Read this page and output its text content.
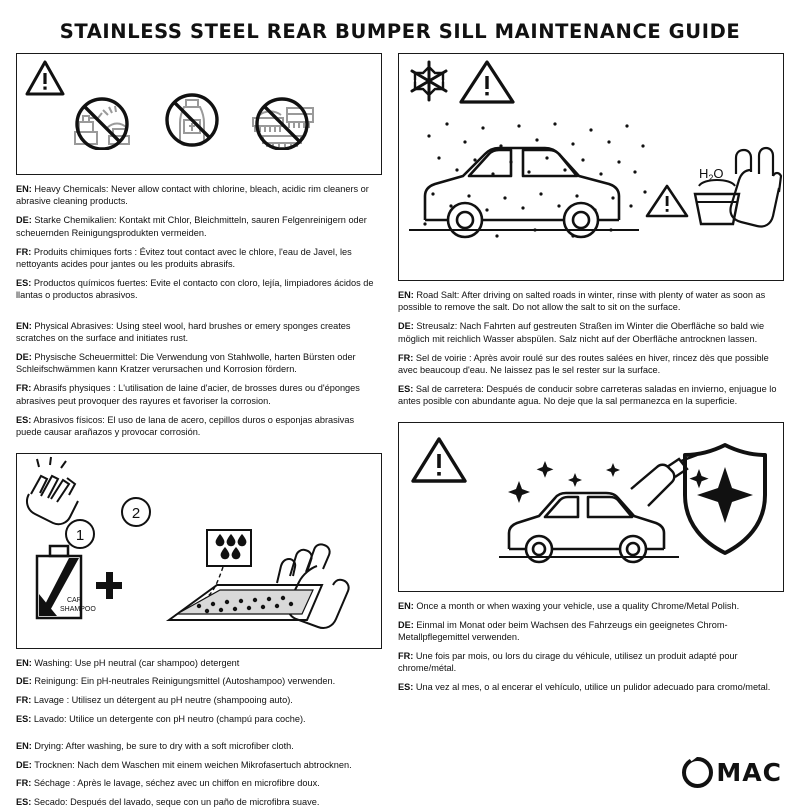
STAINLESS STEEL REAR BUMPER SILL MAINTENANCE GUIDE

EN: Heavy Chemicals: Never allow contact with chlorine, bleach, acidic rim cleaners or abrasive cleaning products.

DE: Starke Chemikalien: Kontakt mit Chlor, Bleichmitteln, sauren Felgenreinigern oder scheuernden Reinigungsprodukten vermeiden.

FR: Produits chimiques forts : Évitez tout contact avec le chlore, l'eau de Javel, les nettoyants acides pour jantes ou les produits abrasifs.

ES: Productos químicos fuertes: Evite el contacto con cloro, lejía, limpiadores ácidos de llantas o productos abrasivos.

EN: Physical Abrasives: Using steel wool, hard brushes or emery sponges creates scratches on the surface and initiates rust.

DE: Physische Scheuermittel: Die Verwendung von Stahlwolle, harten Bürsten oder Schleifschwämmen kann Kratzer verursachen und Korrosion fördern.

FR: Abrasifs physiques : L'utilisation de laine d'acier, de brosses dures ou d'éponges abrasives peut provoquer des rayures et favoriser la corrosion.

ES: Abrasivos físicos: El uso de lana de acero, cepillos duros o esponjas abrasivas puede causar arañazos y provocar corrosión.

1
CAR
SHAMPOO
2

EN: Washing: Use pH neutral (car shampoo) detergent

DE: Reinigung: Ein pH-neutrales Reinigungsmittel (Autoshampoo) verwenden.

FR: Lavage : Utilisez un détergent au pH neutre (shampooing auto).

ES: Lavado: Utilice un detergente con pH neutro (champú para coche).

EN: Drying: After washing, be sure to dry with a soft microfiber cloth.

DE: Trocknen: Nach dem Waschen mit einem weichen Mikrofasertuch abtrocknen.

FR: Séchage : Après le lavage, séchez avec un chiffon en microfibre doux.

ES: Secado: Después del lavado, seque con un paño de microfibra suave.

$H_2O$

EN: Road Salt: After driving on salted roads in winter, rinse with plenty of water as soon as possible to remove the salt. Do not allow the salt to sit on the surface.

DE: Streusalz: Nach Fahrten auf gestreuten Straßen im Winter die Oberfläche so bald wie möglich mit reichlich Wasser abspülen. Salz nicht auf der Oberfläche antrocknen lassen.

FR: Sel de voirie : Après avoir roulé sur des routes salées en hiver, rincez dès que possible avec beaucoup d'eau. Ne laissez pas le sel rester sur la surface.

ES: Sal de carretera: Después de conducir sobre carreteras saladas en invierno, enjuague lo antes posible con abundante agua. No deje que la sal permanezca en la superficie.

EN: Once a month or when waxing your vehicle, use a quality Chrome/Metal Polish.

DE: Einmal im Monat oder beim Wachsen des Fahrzeugs ein geeignetes Chrom-Metallpflegemittel verwenden.

FR: Une fois par mois, ou lors du cirage du véhicule, utilisez un produit adapté pour chrome/métal.

ES: Una vez al mes, o al encerar el vehículo, utilice un pulidor adecuado para cromo/metal.

MAC
